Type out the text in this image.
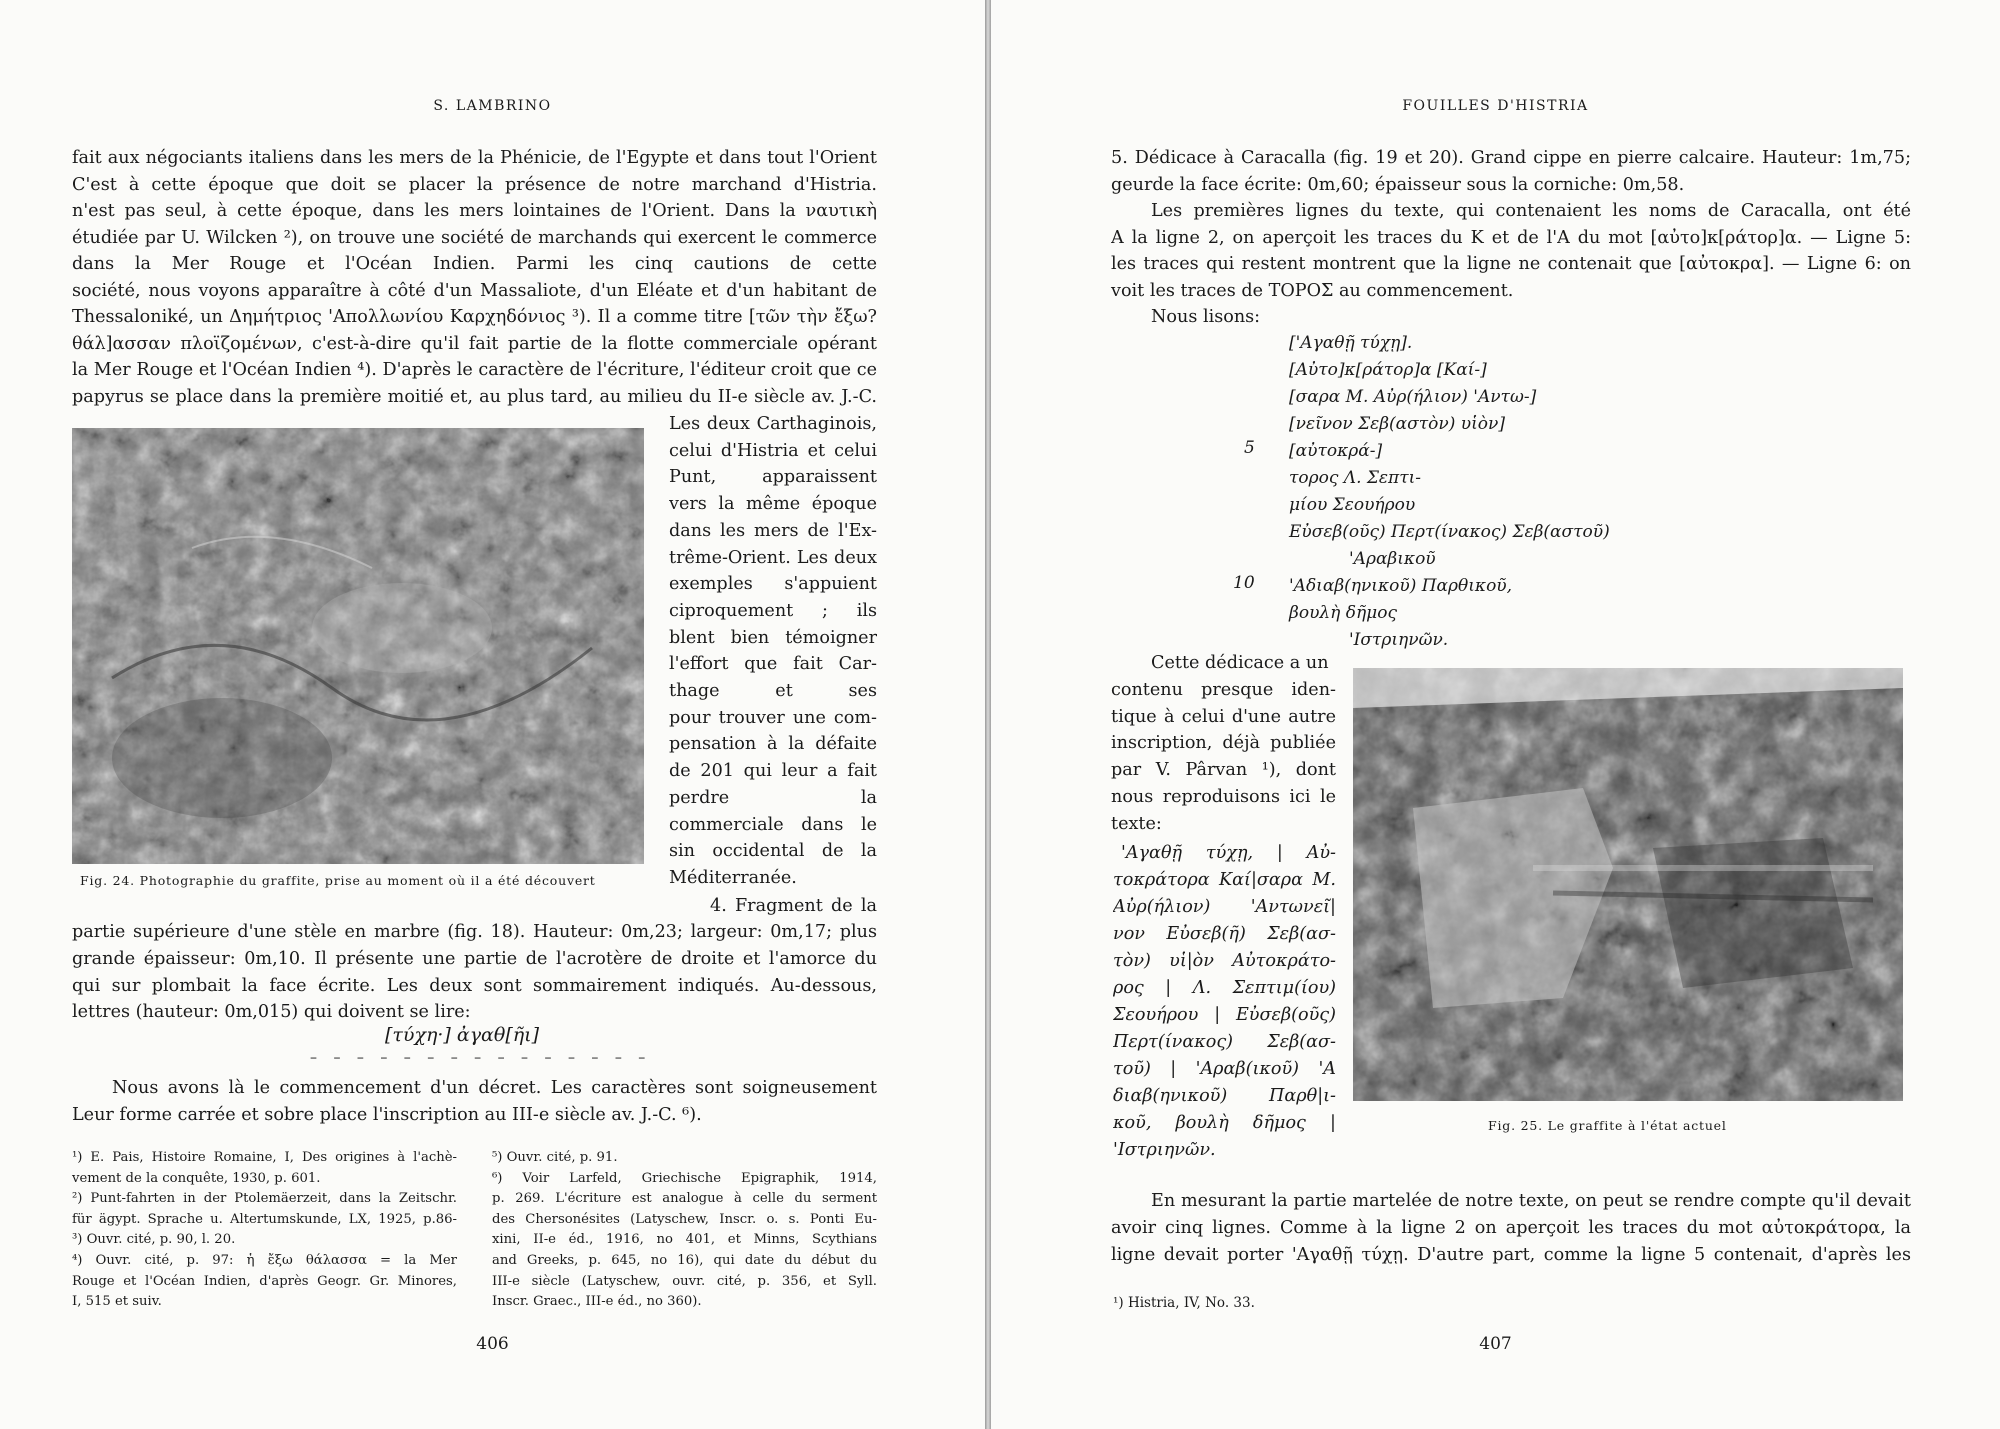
S. LAMBRINO
fait aux négociants italiens dans les mers de la Phénicie, de l'Egypte et dans tout l'Orient
C'est à cette époque que doit se placer la présence de notre marchand d'Histria.
n'est pas seul, à cette époque, dans les mers lointaines de l'Orient. Dans la ναυτικὴ
étudiée par U. Wilcken ²), on trouve une société de marchands qui exercent le commerce
dans la Mer Rouge et l'Océan Indien. Parmi les cinq cautions de cette
société, nous voyons apparaître à côté d'un Massaliote, d'un Eléate et d'un habitant de
Thessaloniké, un Δημήτριος 'Απολλωνίου Καρχηδόνιος ³). Il a comme titre [τῶν τὴν ἔξω?
θάλ]ασσαν πλοϊζομένων, c'est-à-dire qu'il fait partie de la flotte commerciale opérant
la Mer Rouge et l'Océan Indien ⁴). D'après le caractère de l'écriture, l'éditeur croit que ce
papyrus se place dans la première moitié et, au plus tard, au milieu du II-e siècle av. J.-C.
Les deux Carthaginois,
celui d'Histria et celui
Punt, apparaissent
vers la même époque
dans les mers de l'Ex-
trême-Orient. Les deux
exemples s'appuient
ciproquement ; ils
blent bien témoigner
l'effort que fait Car-
thage et ses
pour trouver une com-
pensation à la défaite
de 201 qui leur a fait
perdre la
commerciale dans le
sin occidental de la
Méditerranée.
Fig. 24. Photographie du graffite, prise au moment où il a été découvert
4. Fragment de la
partie supérieure d'une stèle en marbre (fig. 18). Hauteur: 0m,23; largeur: 0m,17; plus
grande épaisseur: 0m,10. Il présente une partie de l'acrotère de droite et l'amorce du
qui sur plombait la face écrite. Les deux sont sommairement indiqués. Au-dessous,
lettres (hauteur: 0m,015) qui doivent se lire:
[τύχη·] ἀγαθ[ῆι]
– – – – – – – – – – – – – – –
Nous avons là le commencement d'un décret. Les caractères sont soigneusement
Leur forme carrée et sobre place l'inscription au III-e siècle av. J.-C. ⁶).
¹) E. Pais, Histoire Romaine, I, Des origines à l'achè-
vement de la conquête, 1930, p. 601.
²) Punt-fahrten in der Ptolemäerzeit, dans la Zeitschr.
für ägypt. Sprache u. Altertumskunde, LX, 1925, p.86-
³) Ouvr. cité, p. 90, l. 20.
⁴) Ouvr. cité, p. 97: ἡ ἔξω θάλασσα = la Mer
Rouge et l'Océan Indien, d'après Geogr. Gr. Minores,
I, 515 et suiv.
⁵) Ouvr. cité, p. 91.
⁶) Voir Larfeld, Griechische Epigraphik, 1914,
p. 269. L'écriture est analogue à celle du serment
des Chersonésites (Latyschew, Inscr. o. s. Ponti Eu-
xini, II-e éd., 1916, no 401, et Minns, Scythians
and Greeks, p. 645, no 16), qui date du début du
III-e siècle (Latyschew, ouvr. cité, p. 356, et Syll.
Inscr. Graec., III-e éd., no 360).
406
FOUILLES D'HISTRIA
5. Dédicace à Caracalla (fig. 19 et 20). Grand cippe en pierre calcaire. Hauteur: 1m,75;
geurde la face écrite: 0m,60; épaisseur sous la corniche: 0m,58.
Les premières lignes du texte, qui contenaient les noms de Caracalla, ont été
A la ligne 2, on aperçoit les traces du K et de l'A du mot [αὐτο]κ[ράτορ]α. — Ligne 5:
les traces qui restent montrent que la ligne ne contenait que [αὐτοκρα]. — Ligne 6: on
voit les traces de ΤΟΡΟΣ au commencement.
Nous lisons:
['Αγαθῇ τύχῃ].
[Αὐτο]κ[ράτορ]α [Καί-]
[σαρα Μ. Αὐρ(ήλιον) 'Αντω-]
[νεῖνον Σεβ(αστὸν) υἱὸν]
5 [αὐτοκρά-]
τορος Λ. Σεπτι-
μίου Σεουήρου
Εὐσεβ(οῦς) Περτ(ίνακος) Σεβ(αστοῦ)
'Αραβικοῦ
10 'Αδιαβ(ηνικοῦ) Παρθικοῦ,
βουλὴ δῆμος
'Ιστριηνῶν.
Cette dédicace a un
contenu presque iden-
tique à celui d'une autre
inscription, déjà publiée
par V. Pârvan ¹), dont
nous reproduisons ici le
texte:
'Αγαθῇ τύχῃ, | Αὐ-
τοκράτορα Καί|σαρα Μ.
Αὐρ(ήλιον) 'Αντωνεῖ|
νον Εὐσεβ(ῆ) Σεβ(ασ-
τὸν) υἱ|ὸν Αὐτοκράτο-
ρος | Λ. Σεπτιμ(ίου)
Σεουήρου | Εὐσεβ(οῦς)
Περτ(ίνακος) Σεβ(ασ-
τοῦ) | 'Αραβ(ικοῦ) 'Α
διαβ(ηνικοῦ) Παρθ|ι-
κοῦ, βουλὴ δῆμος |
'Ιστριηνῶν.
Fig. 25. Le graffite à l'état actuel
En mesurant la partie martelée de notre texte, on peut se rendre compte qu'il devait
avoir cinq lignes. Comme à la ligne 2 on aperçoit les traces du mot αὐτοκράτορα, la
ligne devait porter 'Αγαθῇ τύχῃ. D'autre part, comme la ligne 5 contenait, d'après les
¹) Histria, IV, No. 33.
407
